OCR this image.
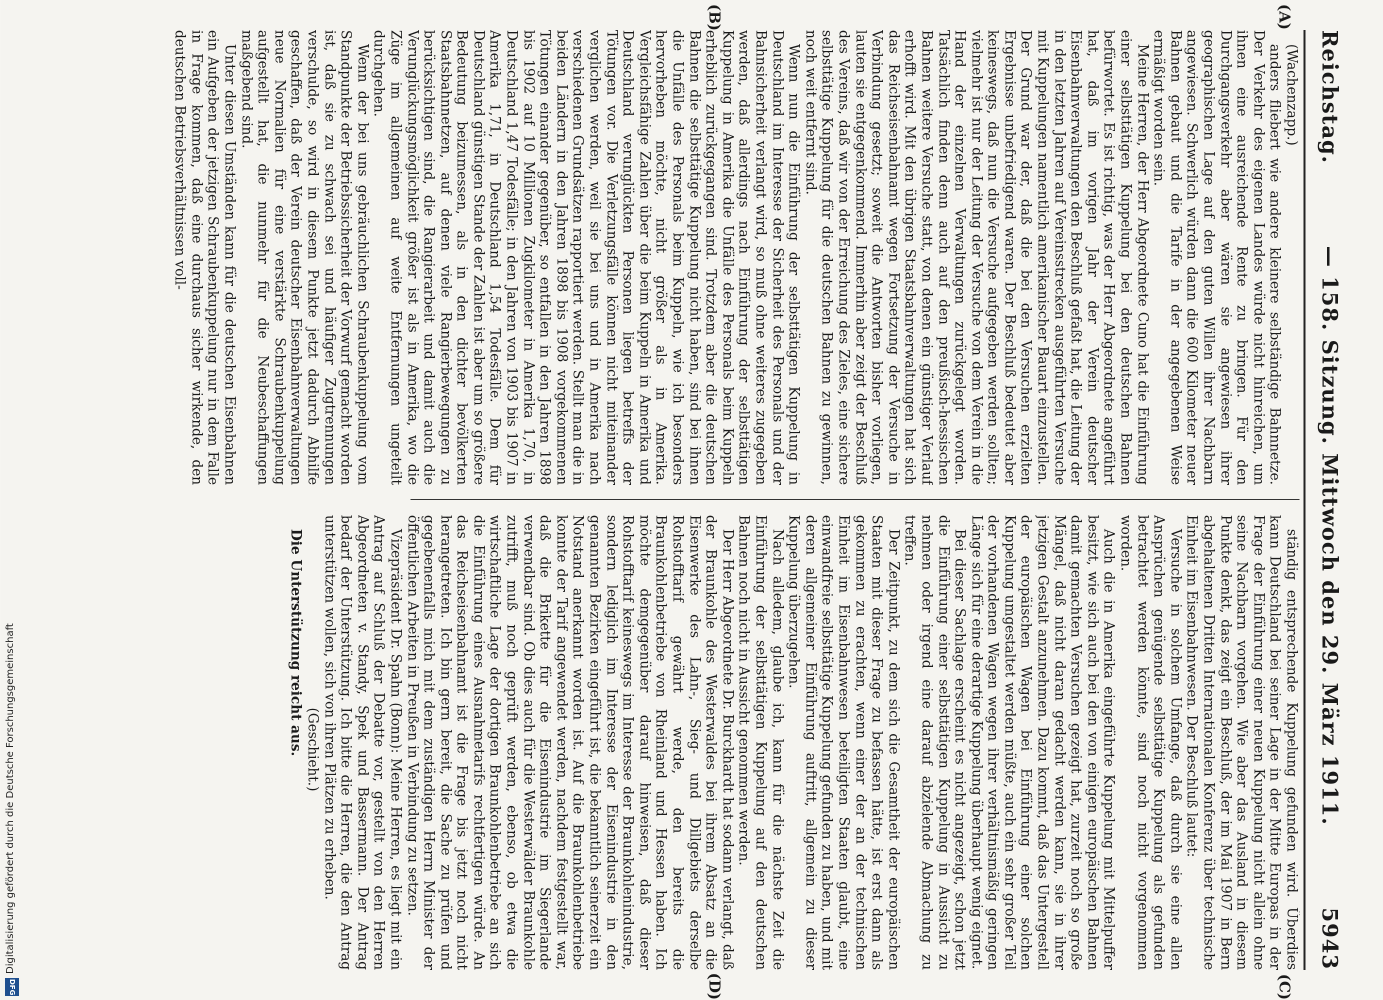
Reichstag.
— 158. Sitzung. Mittwoch den 29. März 1911.
5943
(A)
(B)
(C)
(D)

(Wachenzapp.)

anders fliebert wie andere kleinere selbständige Bahnnetze. Der Verkehr des eigenen Landes würde nicht hinreichen, um ihnen eine ausreichende Rente zu bringen. Für den Durchgangsverkehr aber wären sie angewiesen ihrer geographischen Lage auf den guten Willen ihrer Nachbarn angewiesen. Schwerlich würden dann die 600 Kilometer neuer Bahnen gebaut und die Tarife in der angegebenen Weise ermäßigt worden sein.

Meine Herren, der Herr Abgeordnete Cuno hat die Einführung einer selbsttätigen Kuppelung bei den deutschen Bahnen befürwortet. Es ist richtig, was der Herr Abgeordnete angeführt hat, daß im vorigen Jahr der Verein deutscher Eisenbahnverwaltungen den Beschluß gefaßt hat, die Leitung der in den letzten Jahren auf Vereinsstrecken ausgeführten Versuche mit Kuppelungen namentlich amerikanischer Bauart einzustellen. Der Grund war der, daß die bei den Versuchen erzielten Ergebnisse unbefriedigend waren. Der Beschluß bedeutet aber keineswegs, daß nun die Versuche aufgegeben werden sollten; vielmehr ist nur der Leitung der Versuche von dem Verein in die Hand der einzelnen Verwaltungen zurückgelegt worden. Tatsächlich finden denn auch auf den preußisch-hessischen Bahnen weitere Versuche statt, von denen ein günstiger Verlauf erhofft wird. Mit den übrigen Staatsbahnverwaltungen hat sich das Reichseisenbahnamt wegen Fortsetzung der Versuche in Verbindung gesetzt; soweit die Antworten bisher vorliegen, lauten sie entgegenkommend. Immerhin aber zeigt der Beschluß des Vereins, daß wir von der Erreichung des Zieles, eine sichere selbsttätige Kuppelung für die deutschen Bahnen zu gewinnen, noch weit entfernt sind.

Wenn nun die Einführung der selbsttätigen Kuppelung in Deutschland im Interesse der Sicherheit des Personals und der Bahnsicherheit verlangt wird, so muß ohne weiteres zugegeben werden, daß allerdings nach Einführung der selbsttätigen Kuppelung in Amerika die Unfälle des Personals beim Kuppeln erheblich zurückgegangen sind. Trotzdem aber die deutschen Bahnen die selbsttätige Kuppelung nicht haben, sind bei ihnen die Unfälle des Personals beim Kuppeln, wie ich besonders hervorheben möchte, nicht größer als in Amerika. Vergleichsfähige Zahlen über die beim Kuppeln in Amerika und Deutschland verunglückten Personen liegen betreffs der Tötungen vor. Die Verletzungsfälle können nicht miteinander verglichen werden, weil sie bei uns und in Amerika nach verschiedenen Grundsätzen rapportiert werden. Stellt man die in beiden Ländern in den Jahren 1898 bis 1908 vorgekommenen Tötungen einander gegenüber, so entfallen in den Jahren 1898 bis 1902 auf 10 Millionen Zugkilometer in Amerika 1,70, in Deutschland 1,47 Todesfälle; in den Jahren von 1903 bis 1907 in Amerika 1,71, in Deutschland 1,54 Todesfälle. Dem für Deutschland günstigen Stande der Zahlen ist aber um so größere Bedeutung beizumessen, als in den dichter bevölkerten Staatsbahnnetzen, auf denen viele Rangierbewegungen zu berücksichtigen sind, die Rangierarbeit und damit auch die Verunglückungsmöglichkeit größer ist als in Amerika, wo die Züge im allgemeinen auf weite Entfernungen ungeteilt durchgehen.

Wenn der bei uns gebräuchlichen Schraubenkuppelung vom Standpunkte der Betriebssicherheit der Vorwurf gemacht worden ist, daß sie zu schwach sei und häufiger Zugtrennungen verschulde, so wird in diesem Punkte jetzt dadurch Abhilfe geschaffen, daß der Verein deutscher Eisenbahnverwaltungen neue Normalien für eine verstärkte Schraubenkuppelung aufgestellt hat, die nunmehr für die Neubeschaffungen maßgebend sind.

Unter diesen Umständen kann für die deutschen Eisenbahnen ein Aufgeben der jetzigen Schraubenkuppelung nur in dem Falle in Frage kommen, daß eine durchaus sicher wirkende, den deutschen Betriebsverhältnissen voll-

ständig entsprechende Kuppelung gefunden wird. Überdies kann Deutschland bei seiner Lage in der Mitte Europas in der Frage der Einführung einer neuen Kuppelung nicht allein ohne seine Nachbarn vorgehen. Wie aber das Ausland in diesem Punkte denkt, das zeigt ein Beschluß, der im Mai 1907 in Bern abgehaltenen Dritten Internationalen Konferenz über technische Einheit im Eisenbahnwesen. Der Beschluß lautet:

Versuche in solchem Umfange, daß durch sie eine allen Ansprüchen genügende selbsttätige Kuppelung als gefunden betrachtet werden könnte, sind noch nicht vorgenommen worden.

Auch die in Amerika eingeführte Kuppelung mit Mittelpuffer besitzt, wie sich auch bei den von einigen europäischen Bahnen damit gemachten Versuchen gezeigt hat, zurzeit noch so große Mängel, daß nicht daran gedacht werden kann, sie in ihrer jetzigen Gestalt anzunehmen. Dazu kommt, daß das Untergestell der europäischen Wagen bei Einführung einer solchen Kuppelung umgestaltet werden müßte, auch ein sehr großer Teil der vorhandenen Wagen wegen ihrer verhältnismäßig geringen Länge sich für eine derartige Kuppelung überhaupt wenig eignet.

Bei dieser Sachlage erscheint es nicht angezeigt, schon jetzt die Einführung einer selbsttätigen Kuppelung in Aussicht zu nehmen oder irgend eine darauf abzielende Abmachung zu treffen.

Der Zeitpunkt, zu dem sich die Gesamtheit der europäischen Staaten mit dieser Frage zu befassen hätte, ist erst dann als gekommen zu erachten, wenn einer der an der technischen Einheit im Eisenbahnwesen beteiligten Staaten glaubt, eine einwandfreie selbsttätige Kuppelung gefunden zu haben, und mit deren allgemeiner Einführung auftritt, allgemein zu dieser Kuppelung überzugehen.

Nach alledem, glaube ich, kann für die nächste Zeit die Einführung der selbsttätigen Kuppelung auf den deutschen Bahnen noch nicht in Aussicht genommen werden.

Der Herr Abgeordnete Dr. Burckhardt hat sodann verlangt, daß der Braunkohle des Westerwaldes bei ihrem Absatz an die Eisenwerke des Lahn-, Sieg- und Dillgebiets derselbe Rohstofftarif gewährt werde, den bereits die Braunkohlenbetriebe von Rheinland und Hessen haben. Ich möchte demgegenüber darauf hinweisen, daß dieser Rohstofftarif keineswegs im Interesse der Braunkohlenindustrie, sondern lediglich im Interesse der Eisenindustrie in den genannten Bezirken eingeführt ist, die bekanntlich seinerzeit ein Notstand anerkannt worden ist. Auf die Braunkohlenbetriebe konnte der Tarif angewendet werden, nachdem festgestellt war, daß die Brikette für die Eisenindustrie im Siegerlande verwendbar sind. Ob dies auch für die Westerwälder Braunkohle zutrifft, muß noch geprüft werden, ebenso, ob etwa die wirtschaftliche Lage der dortigen Braunkohlenbetriebe an sich die Einführung eines Ausnahmetarifs rechtfertigen würde. An das Reichseisenbahnamt ist die Frage bis jetzt noch nicht herangetreten. Ich bin gern bereit, die Sache zu prüfen und gegebenenfalls mich mit dem zuständigen Herrn Minister der öffentlichen Arbeiten in Preußen in Verbindung zu setzen.

Vizepräsident Dr. Spahn (Bonn): Meine Herren, es liegt mit ein Antrag auf Schluß der Debatte vor, gestellt von den Herren Abgeordneten v. Standy, Spek und Bassermann. Der Antrag bedarf der Unterstützung. Ich bitte die Herren, die den Antrag unterstützen wollen, sich von ihren Plätzen zu erheben.

(Geschieht.)

Die Unterstützung reicht aus.

Digitalisierung gefördert durch die Deutsche Forschungsgemeinschaft
DFG
